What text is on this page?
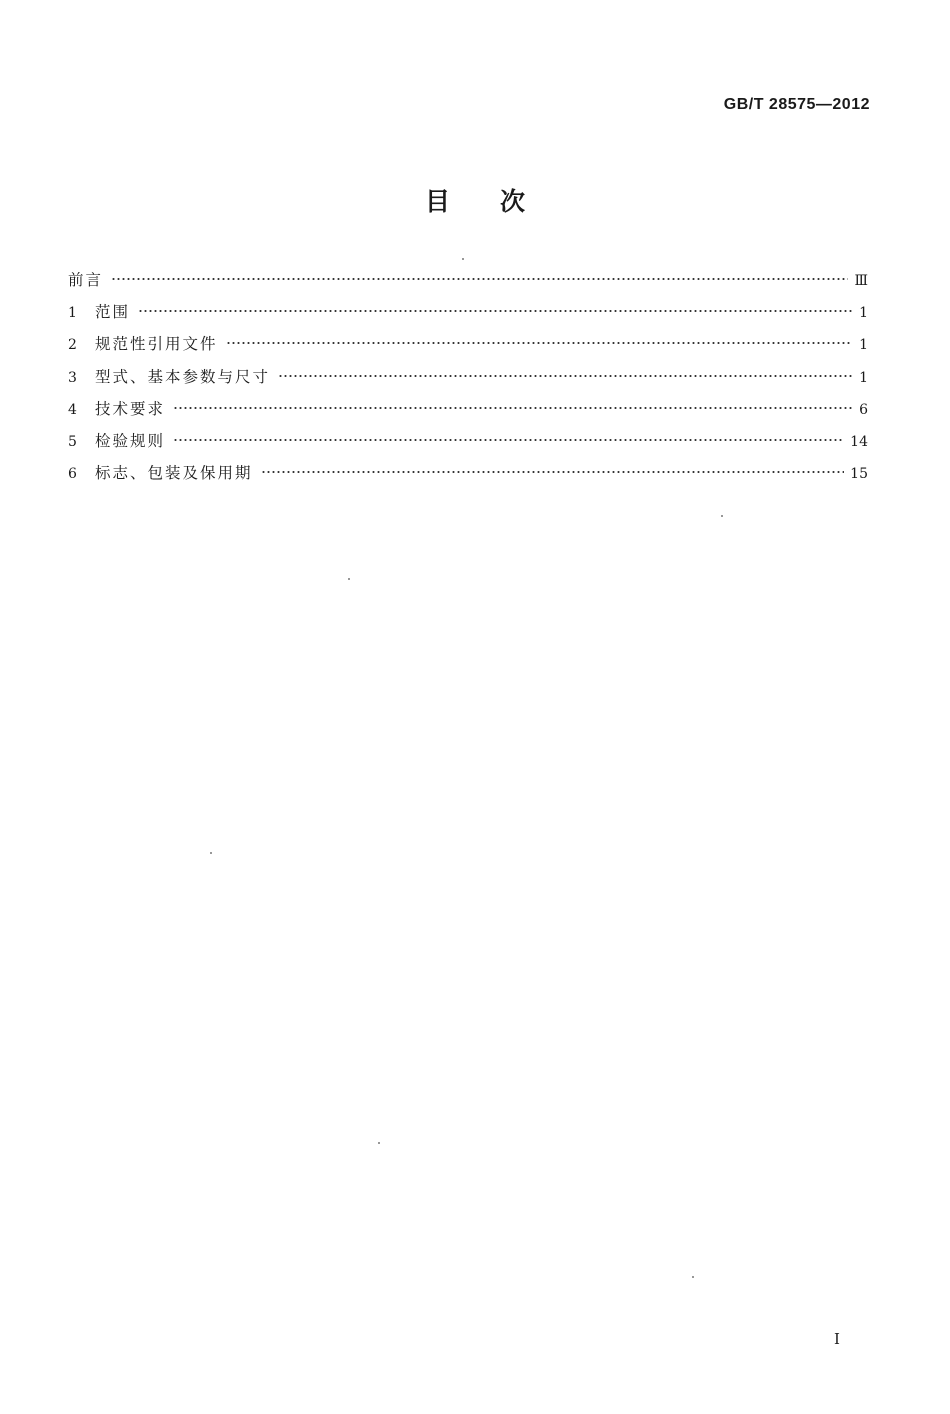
GB/T 28575—2012
目次
前言	Ⅲ
1	范围	1
2	规范性引用文件	1
3	型式、基本参数与尺寸	1
4	技术要求	6
5	检验规则	14
6	标志、包装及保用期	15
Ⅰ
